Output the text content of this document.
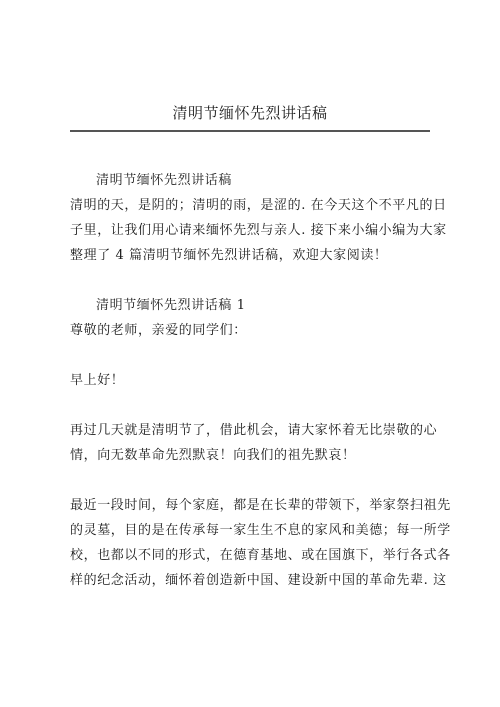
清明节缅怀先烈讲话稿

清明节缅怀先烈讲话稿

清明的天，是阴的；清明的雨，是涩的. 在今天这个不平凡的日

子里，让我们用心请来缅怀先烈与亲人. 接下来小编小编为大家

整理了 4 篇清明节缅怀先烈讲话稿，欢迎大家阅读！

清明节缅怀先烈讲话稿 1

尊敬的老师，亲爱的同学们：

早上好！

再过几天就是清明节了，借此机会，请大家怀着无比崇敬的心

情，向无数革命先烈默哀！向我们的祖先默哀！

最近一段时间，每个家庭，都是在长辈的带领下，举家祭扫祖先

的灵墓，目的是在传承每一家生生不息的家风和美德；每一所学

校，也都以不同的形式，在德育基地、或在国旗下，举行各式各

样的纪念活动，缅怀着创造新中国、建设新中国的革命先辈. 这
